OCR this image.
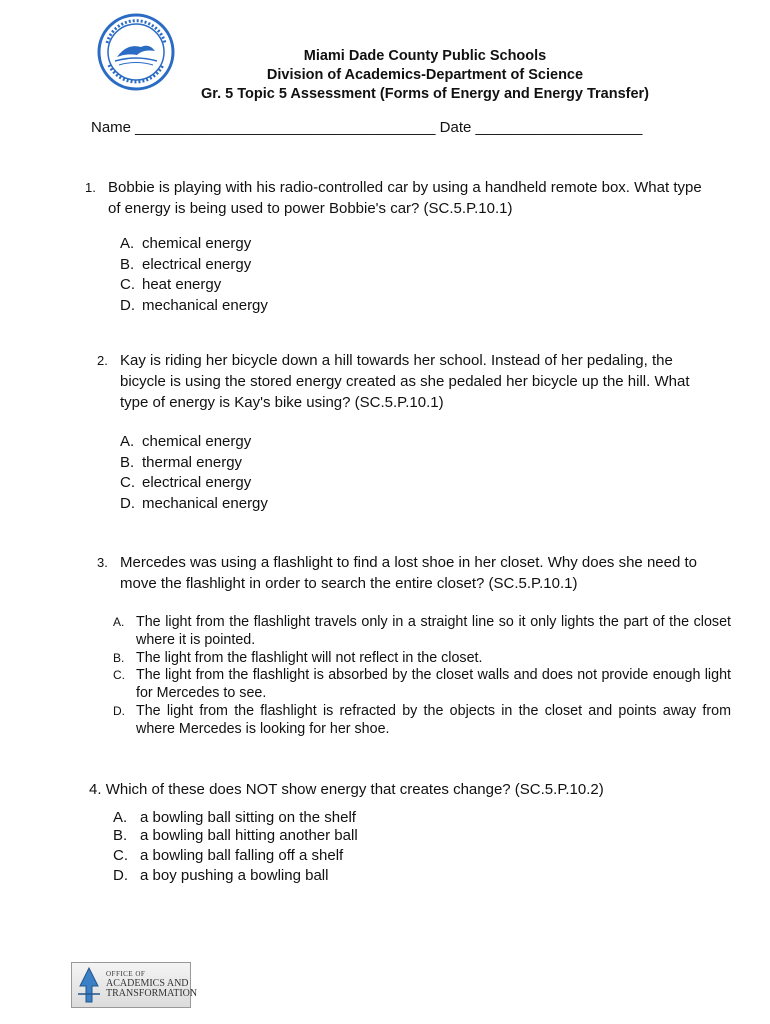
Miami Dade County Public Schools
Division of Academics-Department of Science
Gr. 5 Topic 5 Assessment (Forms of Energy and Energy Transfer)
Name ____________________________________ Date ____________________
1. Bobbie is playing with his radio-controlled car by using a handheld remote box. What type
of energy is being used to power Bobbie's car? (SC.5.P.10.1)
A. chemical energy
B. electrical energy
C. heat energy
D. mechanical energy
2. Kay is riding her bicycle down a hill towards her school. Instead of her pedaling, the
bicycle is using the stored energy created as she pedaled her bicycle up the hill. What
type of energy is Kay's bike using? (SC.5.P.10.1)
A. chemical energy
B. thermal energy
C. electrical energy
D. mechanical energy
3. Mercedes was using a flashlight to find a lost shoe in her closet. Why does she need to
move the flashlight in order to search the entire closet? (SC.5.P.10.1)
A. The light from the flashlight travels only in a straight line so it only lights the part of the closet where it is pointed.
B. The light from the flashlight will not reflect in the closet.
C. The light from the flashlight is absorbed by the closet walls and does not provide enough light for Mercedes to see.
D. The light from the flashlight is refracted by the objects in the closet and points away from where Mercedes is looking for her shoe.
4. Which of these does NOT show energy that creates change? (SC.5.P.10.2)
A. a bowling ball sitting on the shelf
B. a bowling ball hitting another ball
C. a bowling ball falling off a shelf
D. a boy pushing a bowling ball
OFFICE OF
ACADEMICS AND
TRANSFORMATION
